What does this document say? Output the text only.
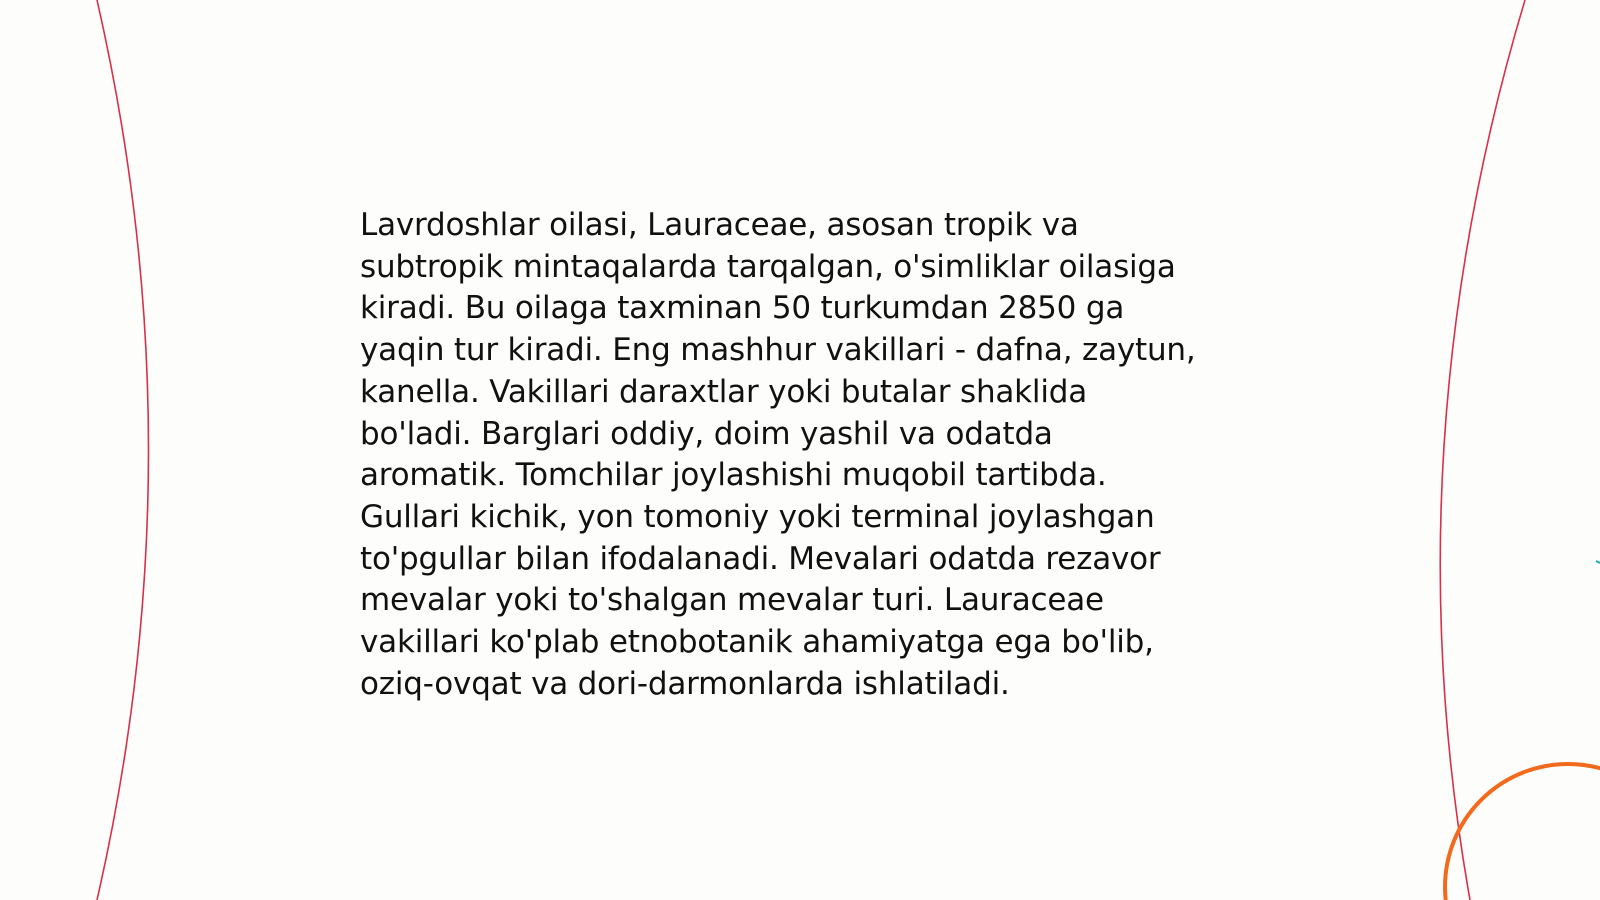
Lavrdoshlar oilasi, Lauraceae, asosan tropik va
subtropik mintaqalarda tarqalgan, o'simliklar oilasiga
kiradi. Bu oilaga taxminan 50 turkumdan 2850 ga
yaqin tur kiradi. Eng mashhur vakillari - dafna, zaytun,
kanella. Vakillari daraxtlar yoki butalar shaklida
bo'ladi. Barglari oddiy, doim yashil va odatda
aromatik. Tomchilar joylashishi muqobil tartibda.
Gullari kichik, yon tomoniy yoki terminal joylashgan
to'pgullar bilan ifodalanadi. Mevalari odatda rezavor
mevalar yoki to'shalgan mevalar turi. Lauraceae
vakillari ko'plab etnobotanik ahamiyatga ega bo'lib,
oziq-ovqat va dori-darmonlarda ishlatiladi.
